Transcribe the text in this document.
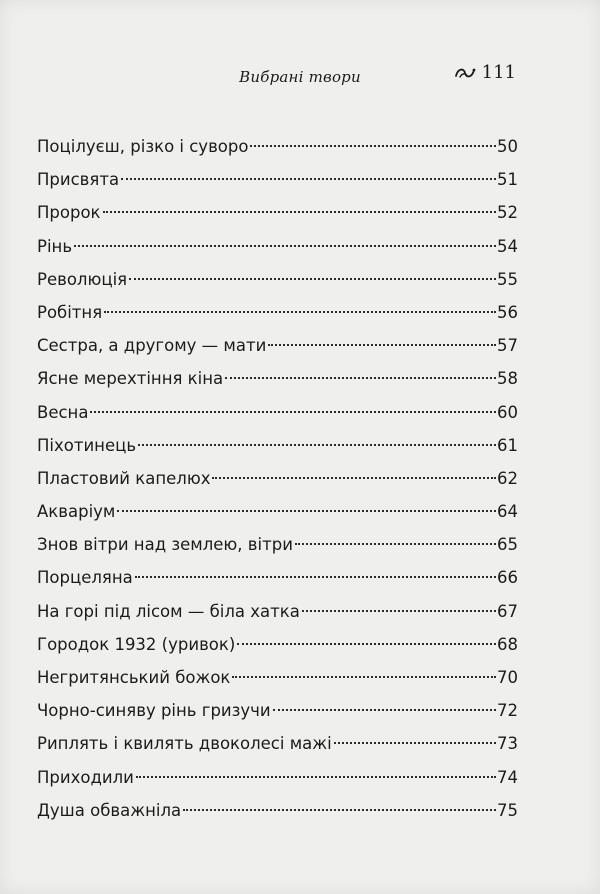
Вибрані твори	111
Поцілуєш, різко і суворо	50
Присвята	51
Пророк	52
Рінь	54
Революція	55
Робітня	56
Сестра, а другому — мати	57
Ясне мерехтіння кіна	58
Весна	60
Піхотинець	61
Пластовий капелюх	62
Акваріум	64
Знов вітри над землею, вітри	65
Порцеляна	66
На горі під лісом — біла хатка	67
Городок 1932 (уривок)	68
Негритянський божок	70
Чорно-синяву рінь гризучи	72
Риплять і квилять двоколесі мажі	73
Приходили	74
Душа обважніла	75
